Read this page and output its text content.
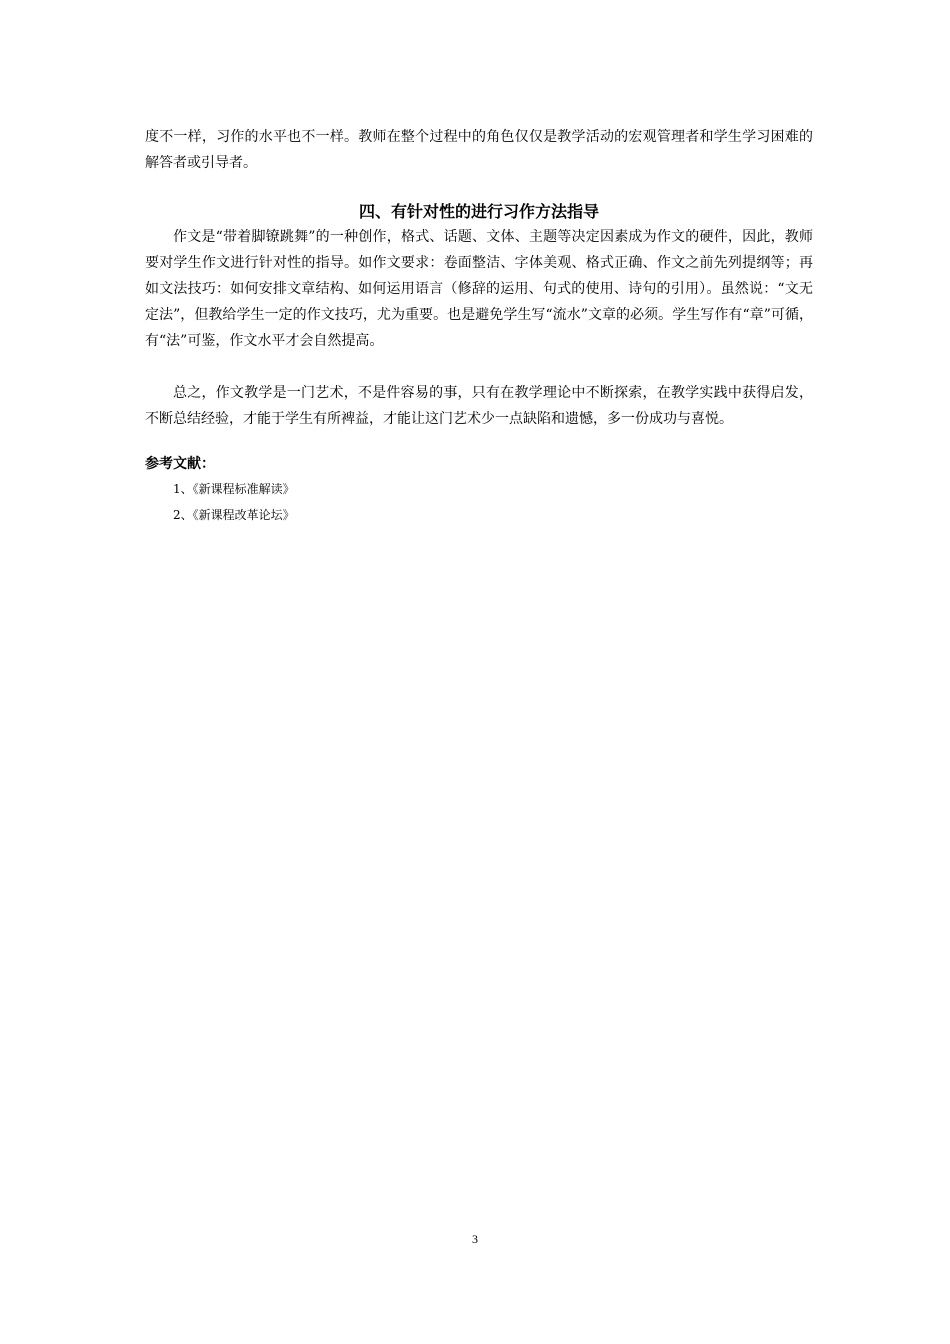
度不一样，习作的水平也不一样。教师在整个过程中的角色仅仅是教学活动的宏观管理者和学生学习困难的解答者或引导者。

四、有针对性的进行习作方法指导

作文是“带着脚镣跳舞”的一种创作，格式、话题、文体、主题等决定因素成为作文的硬件，因此，教师要对学生作文进行针对性的指导。如作文要求：卷面整洁、字体美观、格式正确、作文之前先列提纲等；再如文法技巧：如何安排文章结构、如何运用语言（修辞的运用、句式的使用、诗句的引用）。虽然说：“文无定法”，但教给学生一定的作文技巧，尤为重要。也是避免学生写“流水”文章的必须。学生写作有“章”可循，有“法”可鉴，作文水平才会自然提高。

总之，作文教学是一门艺术，不是件容易的事，只有在教学理论中不断探索，在教学实践中获得启发，不断总结经验，才能于学生有所裨益，才能让这门艺术少一点缺陷和遗憾，多一份成功与喜悦。

参考文献：
1、《新课程标准解读》
2、《新课程改革论坛》
3
